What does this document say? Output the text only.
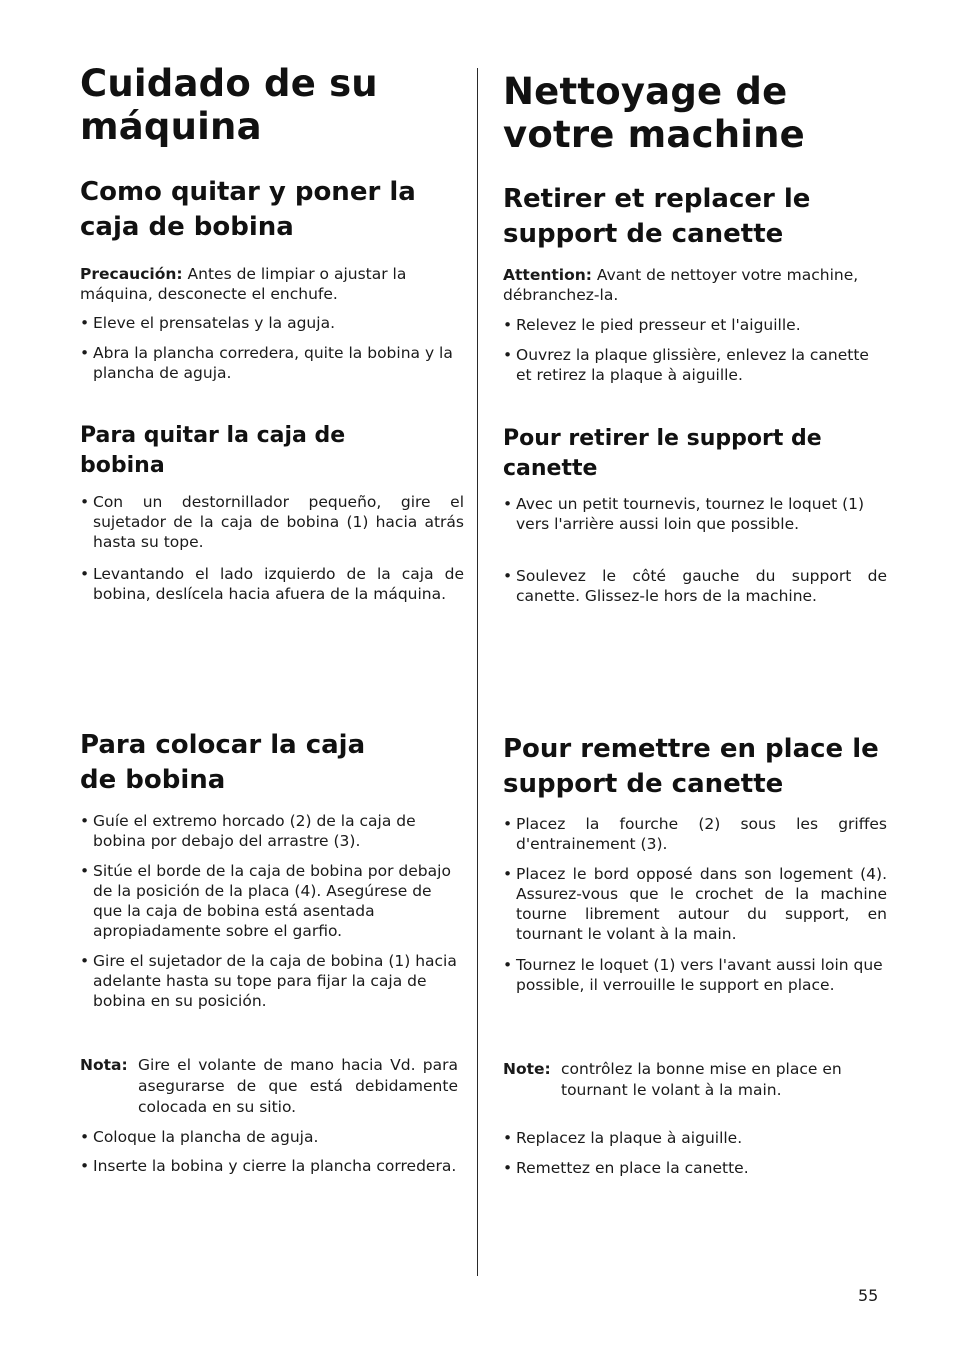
Cuidado de su máquina
Como quitar y poner la caja de bobina

Precaución: Antes de limpiar o ajustar la máquina, desconecte el enchufe.

• Eleve el prensatelas y la aguja.
• Abra la plancha corredera, quite la bobina y la plancha de aguja.
Para quitar la caja de bobina
• Con un destornillador pequeño, gire el sujetador de la caja de bobina (1) hacia atrás hasta su tope.
• Levantando el lado izquierdo de la caja de bobina, deslícela hacia afuera de la máquina.
Para colocar la caja de bobina
• Guíe el extremo horcado (2) de la caja de bobina por debajo del arrastre (3).
• Sitúe el borde de la caja de bobina por debajo de la posición de la placa (4). Asegúrese de que la caja de bobina está asentada apropiadamente sobre el garfio.
• Gire el sujetador de la caja de bobina (1) hacia adelante hasta su tope para fijar la caja de bobina en su posición.
Nota: Gire el volante de mano hacia Vd. para asegurarse de que está debidamente colocada en su sitio.
• Coloque la plancha de aguja.
• Inserte la bobina y cierre la plancha corredera.
Nettoyage de votre machine
Retirer et replacer le support de canette

Attention: Avant de nettoyer votre machine, débranchez-la.

• Relevez le pied presseur et l'aiguille.
• Ouvrez la plaque glissière, enlevez la canette et retirez la plaque à aiguille.
Pour retirer le support de canette
• Avec un petit tournevis, tournez le loquet (1) vers l'arrière aussi loin que possible.
• Soulevez le côté gauche du support de canette. Glissez-le hors de la machine.
Pour remettre en place le support de canette
• Placez la fourche (2) sous les griffes d'entrainement (3).
• Placez le bord opposé dans son logement (4). Assurez-vous que le crochet de la machine tourne librement autour du support, en tournant le volant à la main.
• Tournez le loquet (1) vers l'avant aussi loin que possible, il verrouille le support en place.
Note: contrôlez la bonne mise en place en tournant le volant à la main.
• Replacez la plaque à aiguille.
• Remettez en place la canette.
55
